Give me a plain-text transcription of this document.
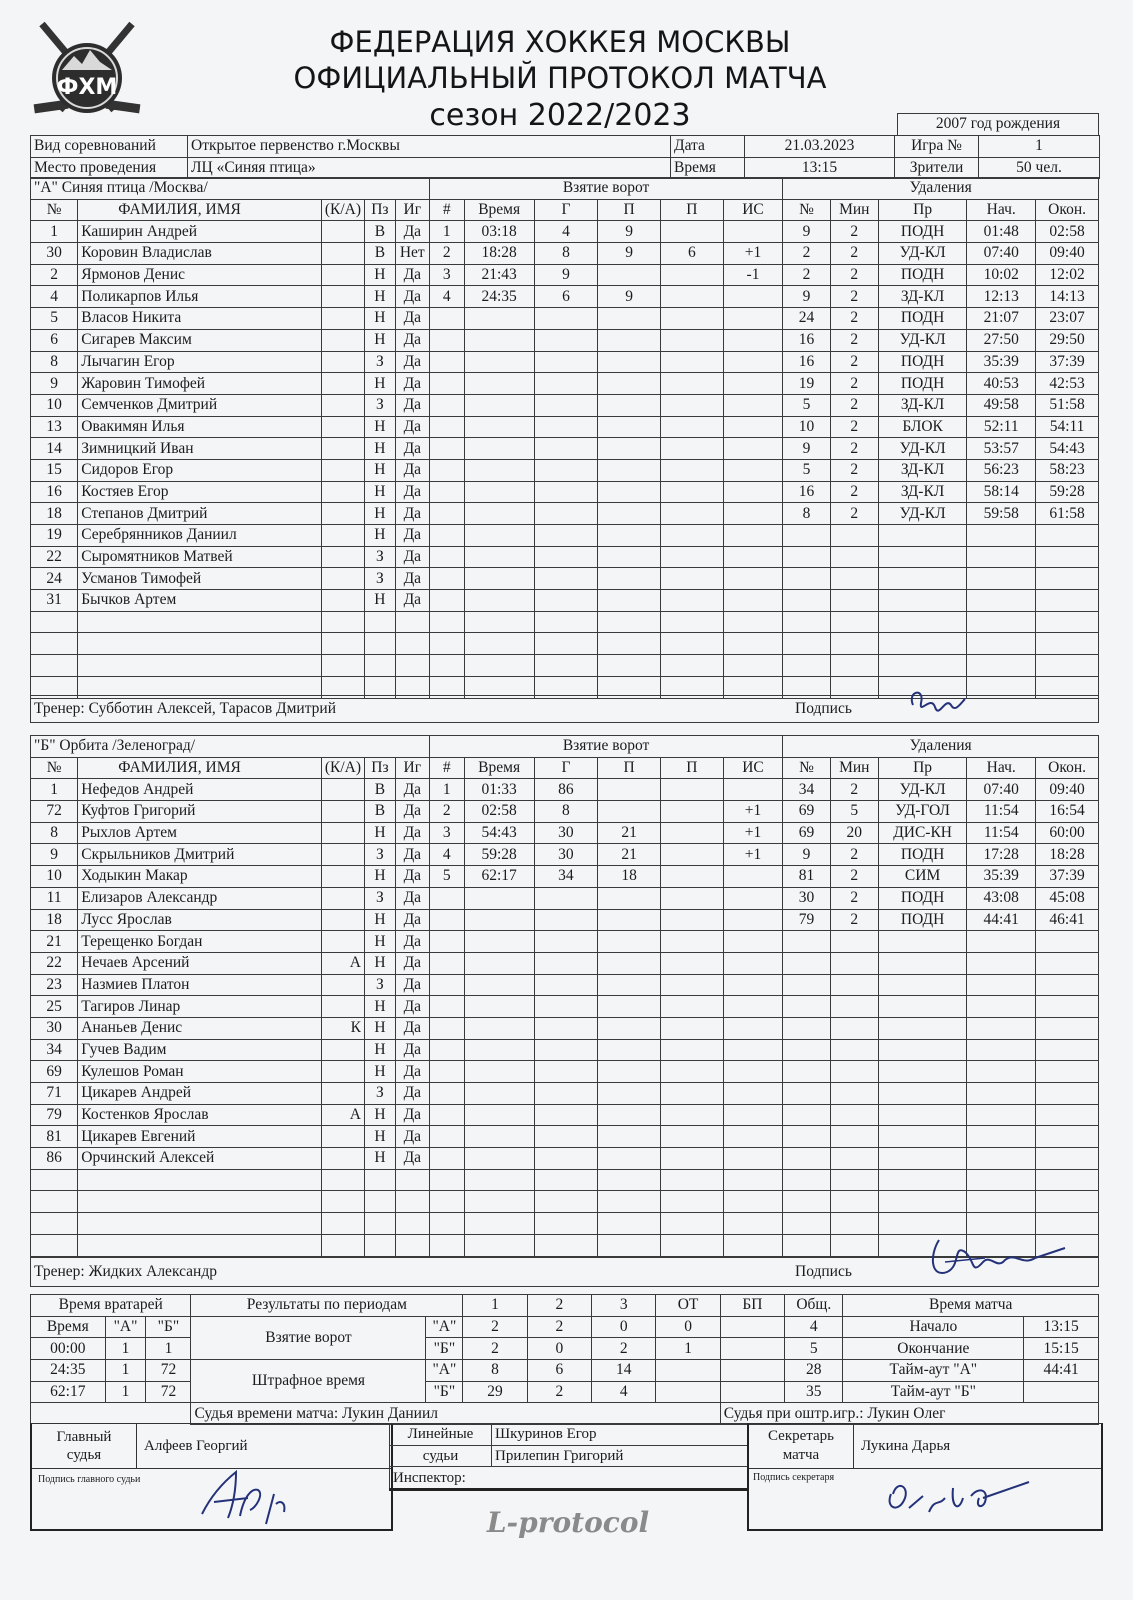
ФХМ
ФЕДЕРАЦИЯ ХОККЕЯ МОСКВЫ
ОФИЦИАЛЬНЫЙ ПРОТОКОЛ МАТЧА
сезон 2022/2023	2007 год рождения
Вид соревнований	Открытое первенство г.Москвы	Дата	21.03.2023	Игра №	1
Место проведения	ЛЦ «Синяя птица»	Время	13:15	Зрители	50 чел.
"А" Синяя птица /Москва/					Взятие ворот						Удаления				
№	ФАМИЛИЯ, ИМЯ	(К/А)	Пз	Иг	#	Время	Г	П	П	ИС	№	Мин	Пр	Нач.	Окон.
1	Каширин Андрей		В	Да	1	03:18	4	9			9	2	ПОДН	01:48	02:58
30	Коровин Владислав		В	Нет	2	18:28	8	9	6	+1	2	2	УД-КЛ	07:40	09:40
2	Ярмонов Денис		Н	Да	3	21:43	9			-1	2	2	ПОДН	10:02	12:02
4	Поликарпов Илья		Н	Да	4	24:35	6	9			9	2	ЗД-КЛ	12:13	14:13
5	Власов Никита		Н	Да							24	2	ПОДН	21:07	23:07
6	Сигарев Максим		Н	Да							16	2	УД-КЛ	27:50	29:50
8	Лычагин Егор		З	Да							16	2	ПОДН	35:39	37:39
9	Жаровин Тимофей		Н	Да							19	2	ПОДН	40:53	42:53
10	Семченков Дмитрий		З	Да							5	2	ЗД-КЛ	49:58	51:58
13	Овакимян Илья		Н	Да							10	2	БЛОК	52:11	54:11
14	Зимницкий Иван		Н	Да							9	2	УД-КЛ	53:57	54:43
15	Сидоров Егор		Н	Да							5	2	ЗД-КЛ	56:23	58:23
16	Костяев Егор		Н	Да							16	2	ЗД-КЛ	58:14	59:28
18	Степанов Дмитрий		Н	Да							8	2	УД-КЛ	59:58	61:58
19	Серебрянников Даниил		Н	Да											
22	Сыромятников Матвей		З	Да											
24	Усманов Тимофей		З	Да											
31	Бычков Артем		Н	Да											

Тренер: Субботин Алексей, Тарасов Дмитрий	Подпись
"Б" Орбита /Зеленоград/					Взятие ворот						Удаления				
№	ФАМИЛИЯ, ИМЯ	(К/А)	Пз	Иг	#	Время	Г	П	П	ИС	№	Мин	Пр	Нач.	Окон.
1	Нефедов Андрей		В	Да	1	01:33	86				34	2	УД-КЛ	07:40	09:40
72	Куфтов Григорий		В	Да	2	02:58	8			+1	69	5	УД-ГОЛ	11:54	16:54
8	Рыхлов Артем		Н	Да	3	54:43	30	21		+1	69	20	ДИС-КН	11:54	60:00
9	Скрыльников Дмитрий		З	Да	4	59:28	30	21		+1	9	2	ПОДН	17:28	18:28
10	Ходыкин Макар		Н	Да	5	62:17	34	18			81	2	СИМ	35:39	37:39
11	Елизаров Александр		З	Да							30	2	ПОДН	43:08	45:08
18	Лусс Ярослав		Н	Да							79	2	ПОДН	44:41	46:41
21	Терещенко Богдан		Н	Да											
22	Нечаев Арсений	А	Н	Да											
23	Назмиев Платон		З	Да											
25	Тагиров Линар		Н	Да											
30	Ананьев Денис	К	Н	Да											
34	Гучев Вадим		Н	Да											
69	Кулешов Роман		Н	Да											
71	Цикарев Андрей		З	Да											
79	Костенков Ярослав	А	Н	Да											
81	Цикарев Евгений		Н	Да											
86	Орчинский Алексей		Н	Да											

Тренер: Жидких Александр	Подпись
Время вратарей			Результаты по периодам		1	2	3	ОТ	БП	Общ.	Время матча	
Время	"А"	"Б"	Взятие ворот	"А"	2	2	0	0		4	Начало	13:15
00:00	1	1		"Б"	2	0	2	1		5	Окончание	15:15
24:35	1	72	Штрафное время	"А"	8	6	14			28	Тайм-аут "А"	44:41
62:17	1	72		"Б"	29	2	4			35	Тайм-аут "Б"	
			Судья времени матча: Лукин Даниил						Судья при оштр.игр.: Лукин Олег			
Главный
судья
Алфеев Георгий
Подпись главного судьи
Линейные	Шкуринов Егор
судьи	Прилепин Григорий
Инспектор:	
Секретарь
матча
Лукина Дарья
Подпись секретаря
L-protocol
